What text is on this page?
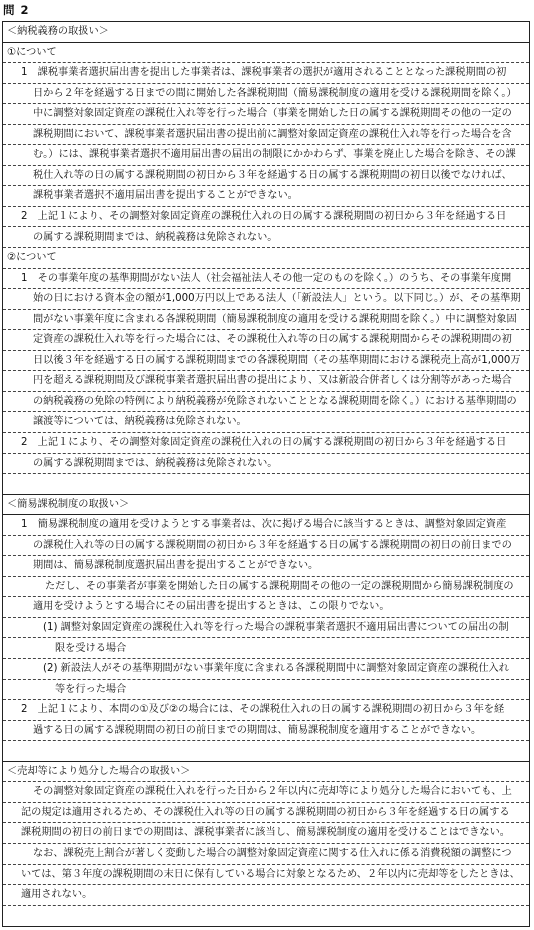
問 2
＜納税義務の取扱い＞
①について
1　課税事業者選択届出書を提出した事業者は、課税事業者の選択が適用されることとなった課税期間の初
日から２年を経過する日までの間に開始した各課税期間（簡易課税制度の適用を受ける課税期間を除く。）
中に調整対象固定資産の課税仕入れ等を行った場合（事業を開始した日の属する課税期間その他の一定の
課税期間において、課税事業者選択届出書の提出前に調整対象固定資産の課税仕入れ等を行った場合を含
む。）には、課税事業者選択不適用届出書の届出の制限にかかわらず、事業を廃止した場合を除き、その課
税仕入れ等の日の属する課税期間の初日から３年を経過する日の属する課税期間の初日以後でなければ、
課税事業者選択不適用届出書を提出することができない。
2　上記１により、その調整対象固定資産の課税仕入れの日の属する課税期間の初日から３年を経過する日
の属する課税期間までは、納税義務は免除されない。
②について
1　その事業年度の基準期間がない法人（社会福祉法人その他一定のものを除く。）のうち、その事業年度開
始の日における資本金の額が1,000万円以上である法人（「新設法人」という。以下同じ。）が、その基準期
間がない事業年度に含まれる各課税期間（簡易課税制度の適用を受ける課税期間を除く。）中に調整対象固
定資産の課税仕入れ等を行った場合には、その課税仕入れ等の日の属する課税期間からその課税期間の初
日以後３年を経過する日の属する課税期間までの各課税期間（その基準期間における課税売上高が1,000万
円を超える課税期間及び課税事業者選択届出書の提出により、又は新設合併者しくは分割等があった場合
の納税義務の免除の特例により納税義務が免除されないこととなる課税期間を除く。）における基準期間の
譲渡等については、納税義務は免除されない。
2　上記１により、その調整対象固定資産の課税仕入れの日の属する課税期間の初日から３年を経過する日
の属する課税期間までは、納税義務は免除されない。
＜簡易課税制度の取扱い＞
1　簡易課税制度の適用を受けようとする事業者は、次に掲げる場合に該当するときは、調整対象固定資産
の課税仕入れ等の日の属する課税期間の初日から３年を経過する日の属する課税期間の初日の前日までの
期間は、簡易課税制度選択届出書を提出することができない。
ただし、その事業者が事業を開始した日の属する課税期間その他の一定の課税期間から簡易課税制度の
適用を受けようとする場合にその届出書を提出するときは、この限りでない。
(1) 調整対象固定資産の課税仕入れ等を行った場合の課税事業者選択不適用届出書についての届出の制
限を受ける場合
(2) 新設法人がその基準期間がない事業年度に含まれる各課税期間中に調整対象固定資産の課税仕入れ
等を行った場合
2　上記１により、本問の①及び②の場合には、その課税仕入れの日の属する課税期間の初日から３年を経
過する日の属する課税期間の初日の前日までの期間は、簡易課税制度を適用することができない。
＜売却等により処分した場合の取扱い＞
その調整対象固定資産の課税仕入れを行った日から２年以内に売却等により処分した場合においても、上
記の規定は適用されるため、その課税仕入れ等の日の属する課税期間の初日から３年を経過する日の属する
課税期間の初日の前日までの期間は、課税事業者に該当し、簡易課税制度の適用を受けることはできない。
なお、課税売上割合が著しく変動した場合の調整対象固定資産に関する仕入れに係る消費税額の調整につ
いては、第３年度の課税期間の末日に保有している場合に対象となるため、２年以内に売却等をしたときは、
適用されない。
